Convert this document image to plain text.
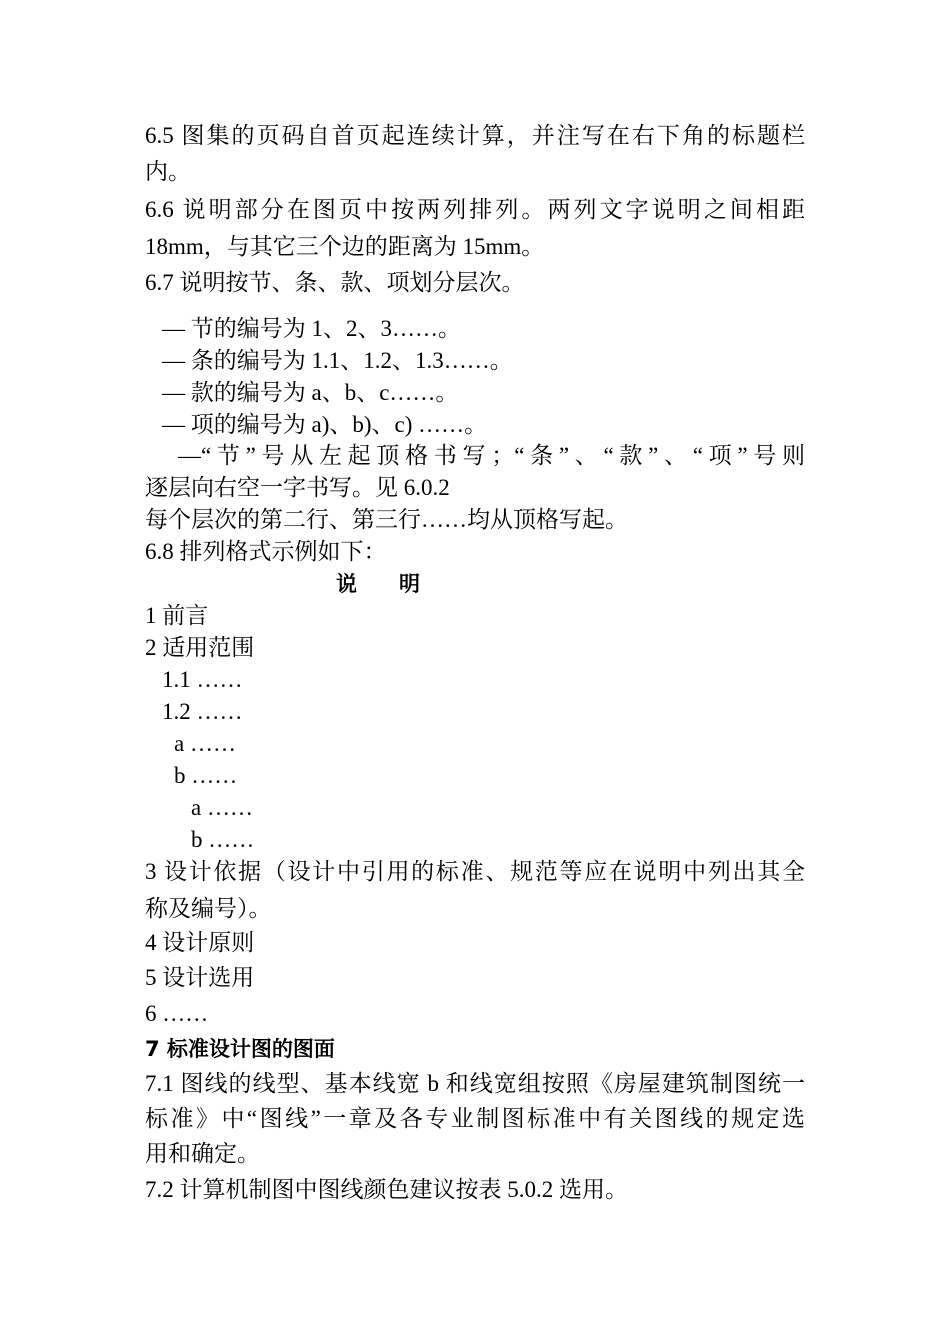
6.5 图集的页码自首页起连续计算，并注写在右下角的标题栏
内。
6.6 说明部分在图页中按两列排列。两列文字说明之间相距
18mm，与其它三个边的距离为 15mm。
6.7 说明按节、条、款、项划分层次。
— 节的编号为 1、2、3……。
— 条的编号为 1.1、1.2、1.3……。
— 款的编号为 a、b、c……。
— 项的编号为 a)、b)、c) ……。
—“节”号从左起顶格书写；“条”、“款”、“项”号则
逐层向右空一字书写。见 6.0.2
每个层次的第二行、第三行……均从顶格写起。
6.8 排列格式示例如下：
说　　明
1 前言
2 适用范围
1.1 ……
1.2 ……
a ……
b ……
a ……
b ……
3 设计依据（设计中引用的标准、规范等应在说明中列出其全
称及编号）。
4 设计原则
5 设计选用
6 ……
7 标准设计图的图面
7.1 图线的线型、基本线宽 b 和线宽组按照《房屋建筑制图统一
标准》中“图线”一章及各专业制图标准中有关图线的规定选
用和确定。
7.2 计算机制图中图线颜色建议按表 5.0.2 选用。
